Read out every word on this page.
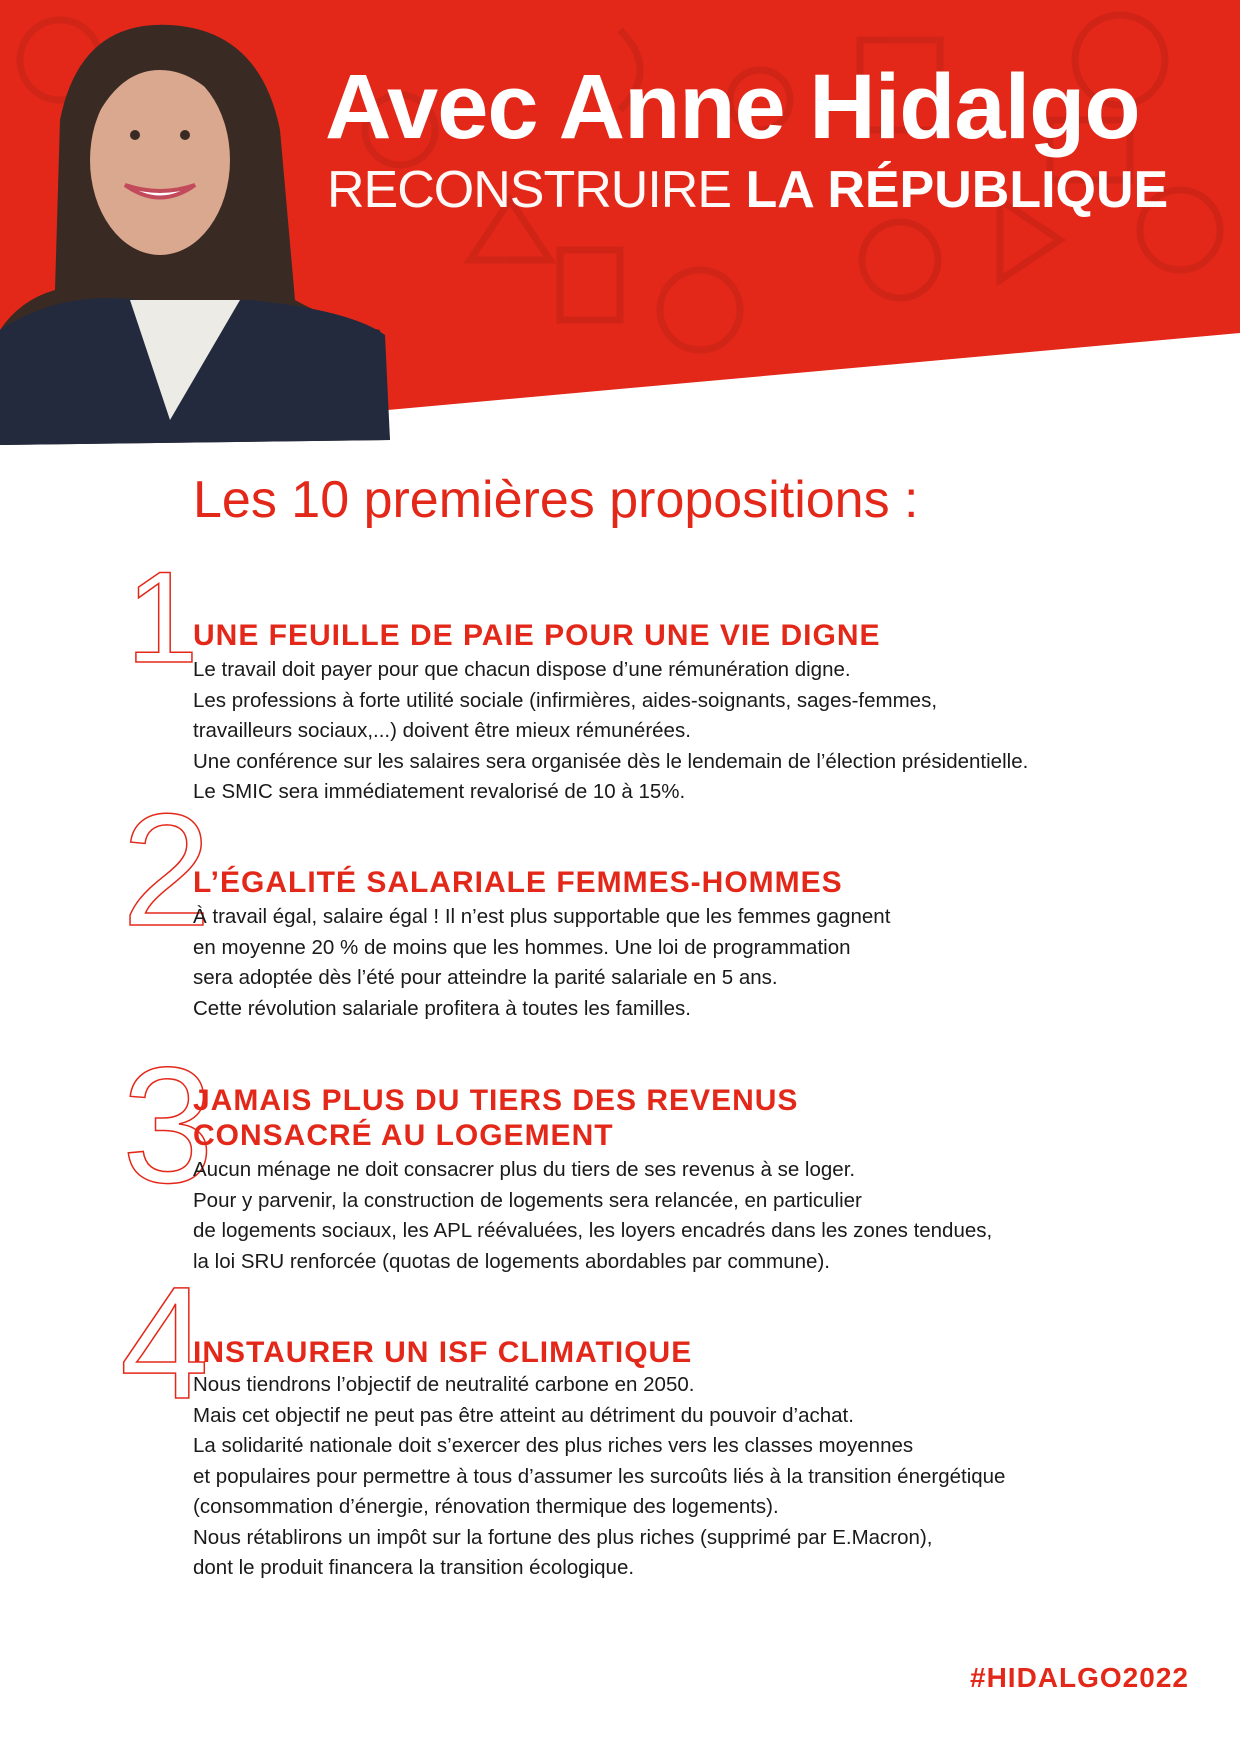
Avec Anne Hidalgo
RECONSTRUIRE LA RÉPUBLIQUE
Les 10 premières propositions :
1
UNE FEUILLE DE PAIE POUR UNE VIE DIGNE
Le travail doit payer pour que chacun dispose d’une rémunération digne.
Les professions à forte utilité sociale (infirmières, aides-soignants, sages-femmes,
travailleurs sociaux,...) doivent être mieux rémunérées.
Une conférence sur les salaires sera organisée dès le lendemain de l’élection présidentielle.
Le SMIC sera immédiatement revalorisé de 10 à 15%.
2
L’ÉGALITÉ SALARIALE FEMMES-HOMMES
À travail égal, salaire égal ! Il n’est plus supportable que les femmes gagnent
en moyenne 20 % de moins que les hommes. Une loi de programmation
sera adoptée dès l’été pour atteindre la parité salariale en 5 ans.
Cette révolution salariale profitera à toutes les familles.
3
JAMAIS PLUS DU TIERS DES REVENUS
CONSACRÉ AU LOGEMENT
Aucun ménage ne doit consacrer plus du tiers de ses revenus à se loger.
Pour y parvenir, la construction de logements sera relancée, en particulier
de logements sociaux, les APL réévaluées, les loyers encadrés dans les zones tendues,
la loi SRU renforcée (quotas de logements abordables par commune).
4
INSTAURER UN ISF CLIMATIQUE
Nous tiendrons l’objectif de neutralité carbone en 2050.
Mais cet objectif ne peut pas être atteint au détriment du pouvoir d’achat.
La solidarité nationale doit s’exercer des plus riches vers les classes moyennes
et populaires pour permettre à tous d’assumer les surcoûts liés à la transition énergétique
(consommation d’énergie, rénovation thermique des logements).
Nous rétablirons un impôt sur la fortune des plus riches (supprimé par E.Macron),
dont le produit financera la transition écologique.
#HIDALGO2022
